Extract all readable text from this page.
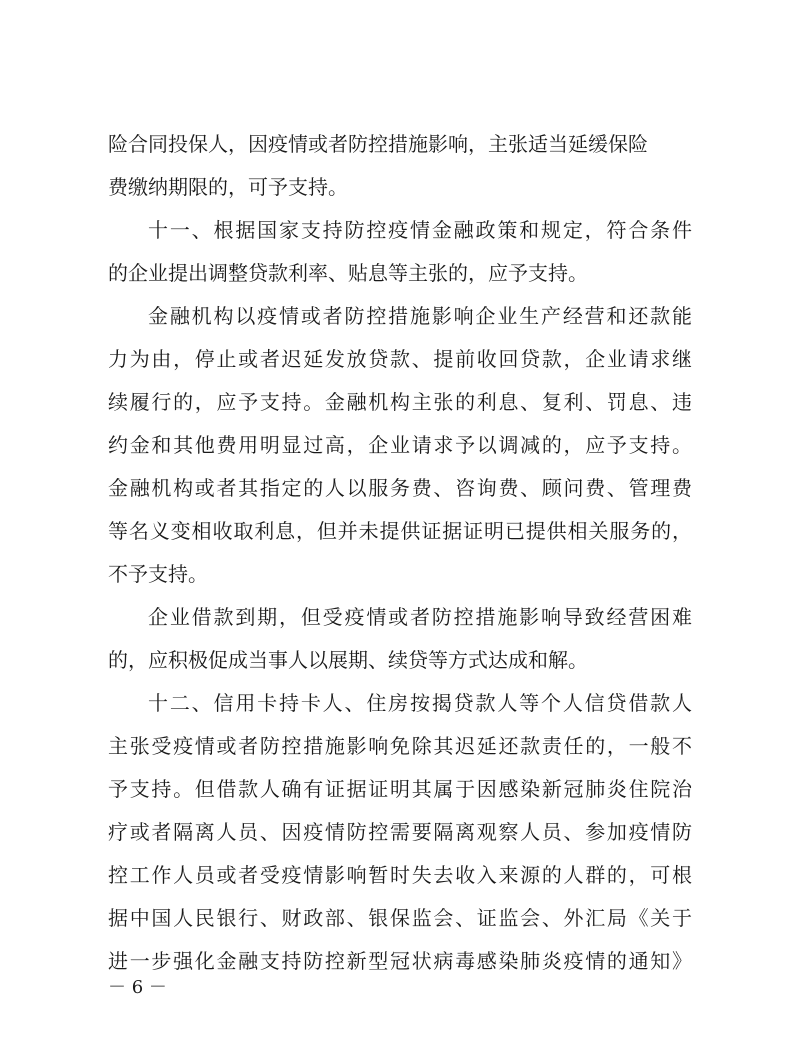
险合同投保人，因疫情或者防控措施影响，主张适当延缓保险
费缴纳期限的，可予支持。
十一、根据国家支持防控疫情金融政策和规定，符合条件
的企业提出调整贷款利率、贴息等主张的，应予支持。
金融机构以疫情或者防控措施影响企业生产经营和还款能
力为由，停止或者迟延发放贷款、提前收回贷款，企业请求继
续履行的，应予支持。金融机构主张的利息、复利、罚息、违
约金和其他费用明显过高，企业请求予以调减的，应予支持。
金融机构或者其指定的人以服务费、咨询费、顾问费、管理费
等名义变相收取利息，但并未提供证据证明已提供相关服务的，
不予支持。
企业借款到期，但受疫情或者防控措施影响导致经营困难
的，应积极促成当事人以展期、续贷等方式达成和解。
十二、信用卡持卡人、住房按揭贷款人等个人信贷借款人
主张受疫情或者防控措施影响免除其迟延还款责任的，一般不
予支持。但借款人确有证据证明其属于因感染新冠肺炎住院治
疗或者隔离人员、因疫情防控需要隔离观察人员、参加疫情防
控工作人员或者受疫情影响暂时失去收入来源的人群的，可根
据中国人民银行、财政部、银保监会、证监会、外汇局《关于
进一步强化金融支持防控新型冠状病毒感染肺炎疫情的通知》
－ 6 －
